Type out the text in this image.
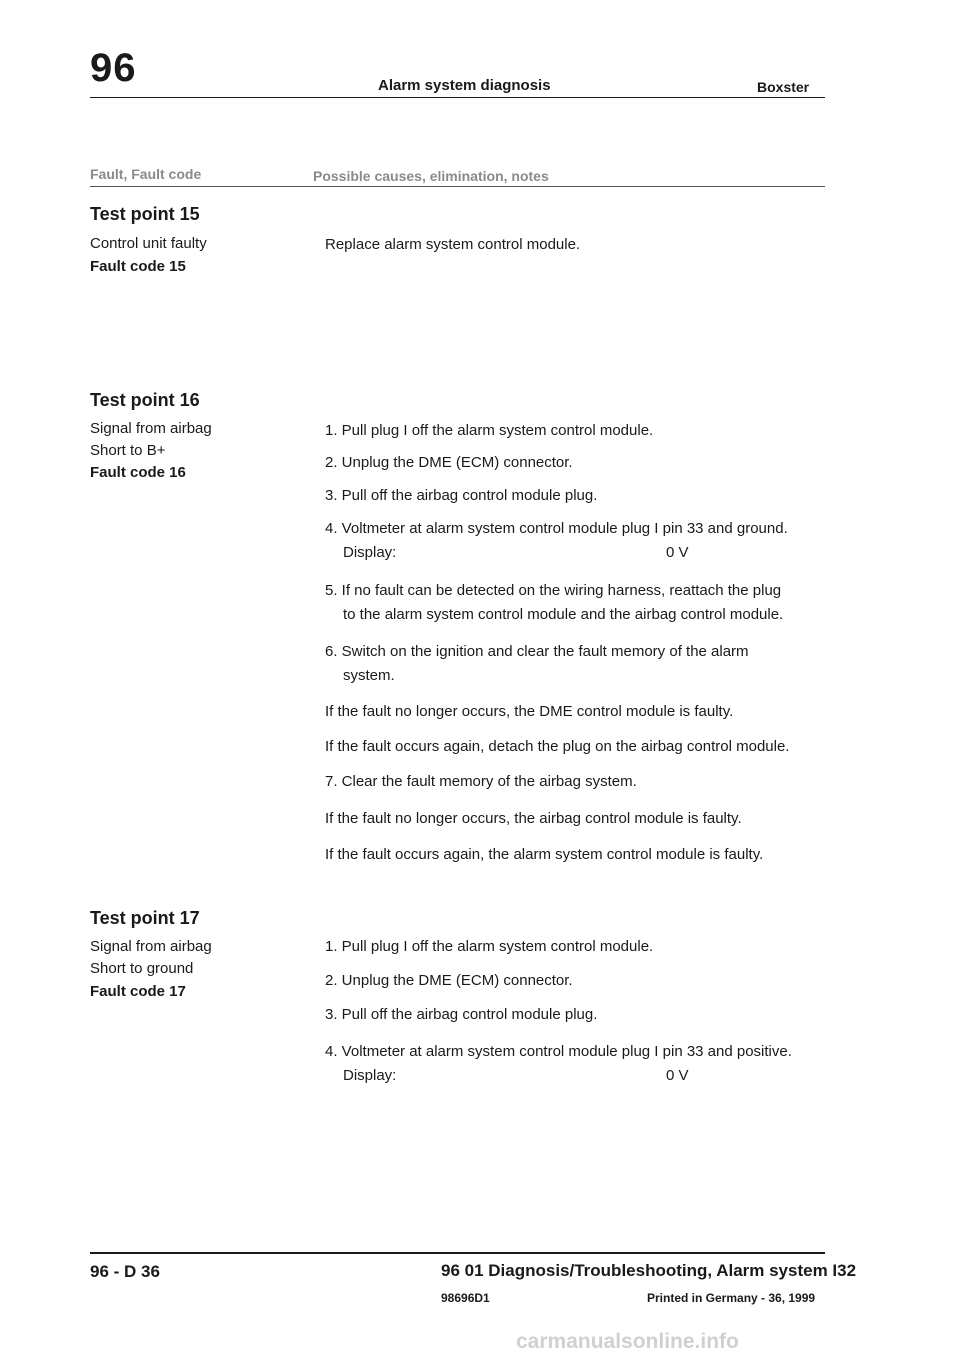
96	Alarm system diagnosis	Boxster
Fault, Fault code	Possible causes, elimination, notes
Test point 15
Control unit faulty
Fault code 15
Replace alarm system control module.
Test point 16
Signal from airbag
Short to B+
Fault code 16
1. Pull plug I off the alarm system control module.
2. Unplug the DME (ECM) connector.
3. Pull off the airbag control module plug.
4. Voltmeter at alarm system control module plug I pin 33 and ground.
Display:	0 V
5. If no fault can be detected on the wiring harness, reattach the plug
to the alarm system control module and the airbag control module.
6. Switch on the ignition and clear the fault memory of the alarm
system.
If the fault no longer occurs, the DME control module is faulty.
If the fault occurs again, detach the plug on the airbag control module.
7. Clear the fault memory of the airbag system.
If the fault no longer occurs, the airbag control module is faulty.
If the fault occurs again, the alarm system control module is faulty.
Test point 17
Signal from airbag
Short to ground
Fault code 17
1. Pull plug I off the alarm system control module.
2. Unplug the DME (ECM) connector.
3. Pull off the airbag control module plug.
4. Voltmeter at alarm system control module plug I pin 33 and positive.
Display:	0 V
96 - D 36	96 01 Diagnosis/Troubleshooting, Alarm system I32
98696D1	Printed in Germany - 36, 1999
carmanualsonline.info
